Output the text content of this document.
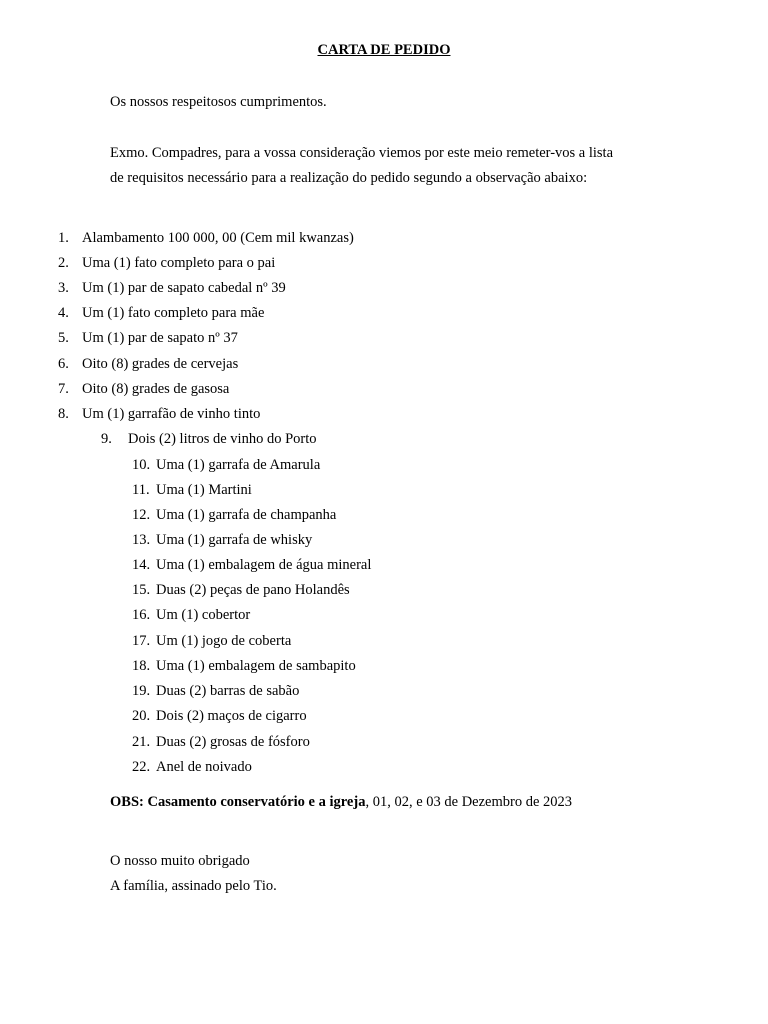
CARTA DE PEDIDO
Os nossos respeitosos cumprimentos.
Exmo. Compadres, para a vossa consideração viemos por este meio remeter-vos a lista
de requisitos necessário para a realização do pedido segundo a observação abaixo:
1. Alambamento 100 000, 00 (Cem mil kwanzas)
2. Uma (1) fato completo para o pai
3. Um (1) par de sapato cabedal nº 39
4. Um (1) fato completo para mãe
5. Um (1) par de sapato nº 37
6. Oito (8) grades de cervejas
7. Oito (8) grades de gasosa
8. Um (1) garrafão de vinho tinto
9. Dois (2) litros de vinho do Porto
10. Uma (1) garrafa de Amarula
11. Uma (1) Martini
12. Uma (1) garrafa de champanha
13. Uma (1) garrafa de whisky
14. Uma (1) embalagem de água mineral
15. Duas (2) peças de pano Holandês
16. Um (1) cobertor
17. Um (1) jogo de coberta
18. Uma (1) embalagem de sambapito
19. Duas (2) barras de sabão
20. Dois (2) maços de cigarro
21. Duas (2) grosas de fósforo
22. Anel de noivado
OBS: Casamento conservatório e a igreja, 01, 02, e 03 de Dezembro de 2023
O nosso muito obrigado
A família, assinado pelo Tio.
